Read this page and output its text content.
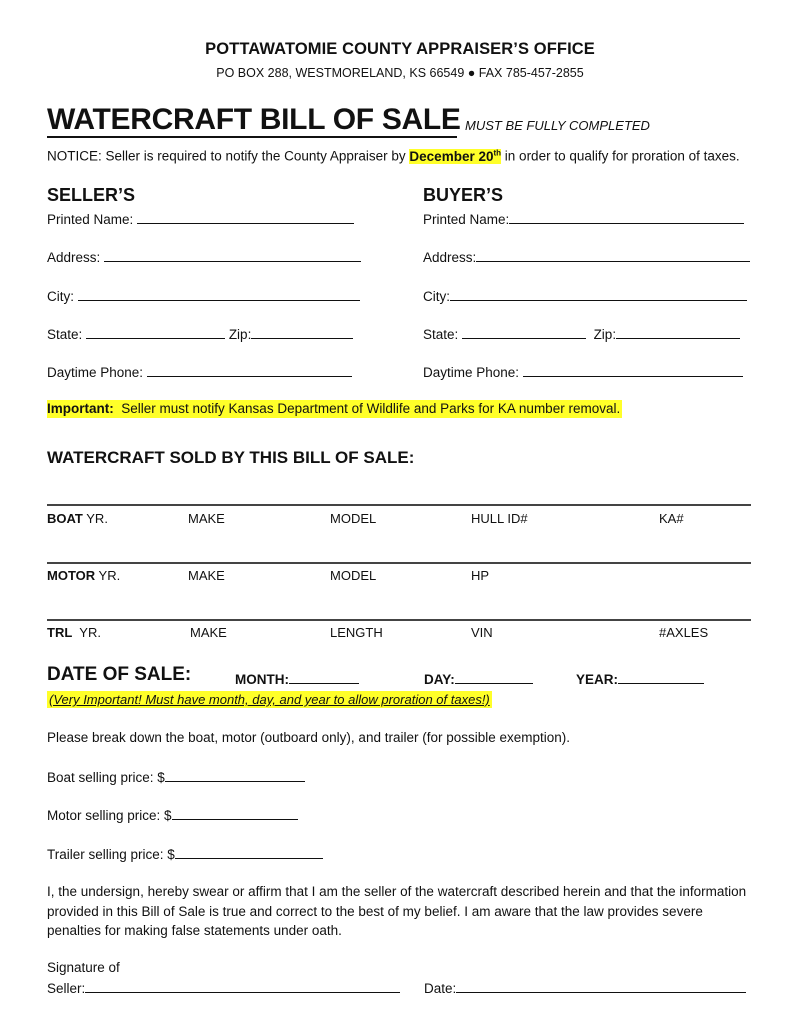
POTTAWATOMIE COUNTY APPRAISER’S OFFICE
PO BOX 288, WESTMORELAND, KS 66549 ● FAX 785-457-2855
WATERCRAFT BILL OF SALE MUST BE FULLY COMPLETED
NOTICE: Seller is required to notify the County Appraiser by December 20th in order to qualify for proration of taxes.
SELLER’S
Printed Name:
Address:
City:
State:	Zip:
Daytime Phone:
BUYER’S
Printed Name:
Address:
City:
State:	Zip:
Daytime Phone:
Important:  Seller must notify Kansas Department of Wildlife and Parks for KA number removal.
WATERCRAFT SOLD BY THIS BILL OF SALE:
BOAT YR.	MAKE	MODEL	HULL ID#	KA#
MOTOR YR.	MAKE	MODEL	HP
TRL YR.	MAKE	LENGTH	VIN	#AXLES
DATE OF SALE:	MONTH:	DAY:	YEAR:
(Very Important! Must have month, day, and year to allow proration of taxes!)
Please break down the boat, motor (outboard only), and trailer (for possible exemption).
Boat selling price: $
Motor selling price: $
Trailer selling price: $
I, the undersign, hereby swear or affirm that I am the seller of the watercraft described herein and that the information provided in this Bill of Sale is true and correct to the best of my belief. I am aware that the law provides severe penalties for making false statements under oath.
Signature of
Seller:	Date:
